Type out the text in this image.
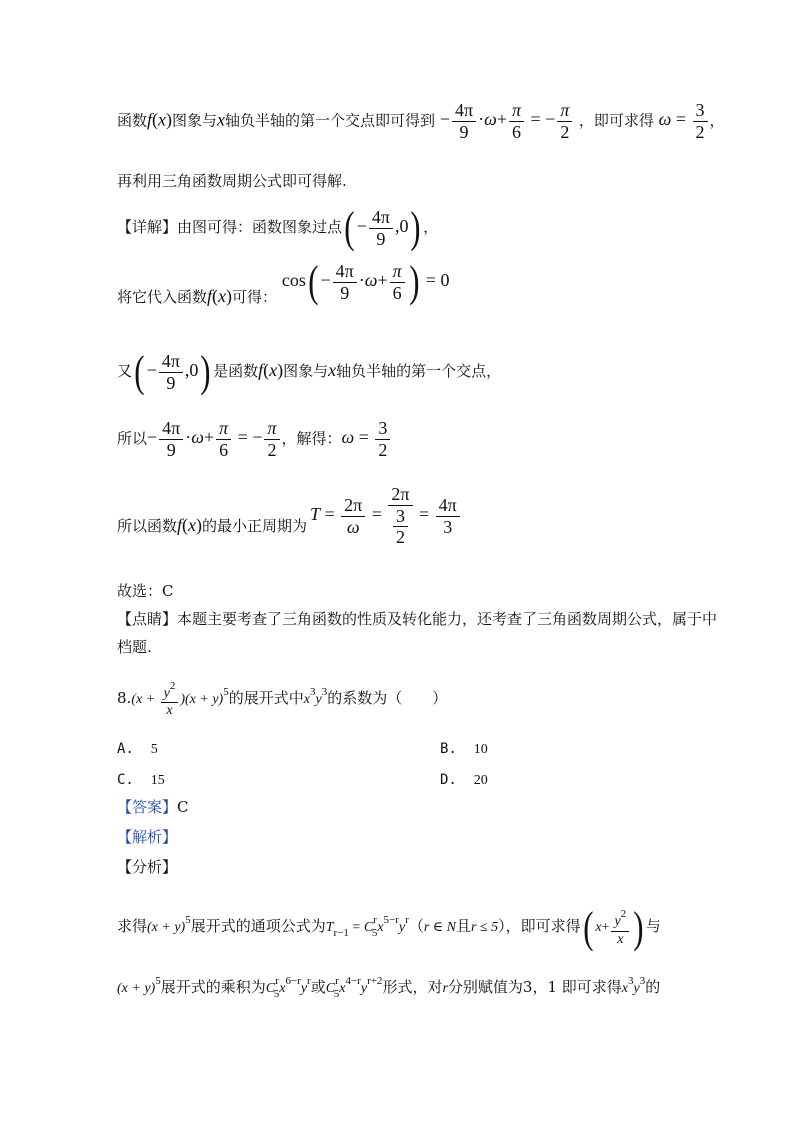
函数f(x)图象与x轴负半轴的第一个交点即可得到 − $\frac{4\pi}{9} \cdot\omega+ \frac{\pi}{6}$ = − $\frac{\pi}{2}$ ，即可求得 $\omega = \frac{3}{2}$ ，
再利用三角函数周期公式即可得解.
【详解】由图可得：函数图象过点( − $\frac{4\pi}{9} ,0$) ，
将它代入函数f(x)可得： $\cos( - \frac{4\pi}{9} \cdot\omega+ \frac{\pi}{6}$ ) = 0
又( − $\frac{4\pi}{9} ,0$) 是函数f(x)图象与x轴负半轴的第一个交点，
所以− $\frac{4\pi}{9} \cdot\omega+ \frac{\pi}{6}$ = − $\frac{\pi}{2}$ ，解得：$\omega = \frac{3}{2}$
所以函数f(x)的最小正周期为
$T = \frac{2\pi}{\omega} = \frac{2\pi}{\frac{3}{2}} = \frac{4\pi}{3}$
故选：C
【点睛】本题主要考查了三角函数的性质及转化能力，还考查了三角函数周期公式，属于中
档题.
$8.(x + \frac{y^2}{x} )(x + y)^5$的展开式中$x^3y^3$的系数为（　　）
A. 5	B. 10
C. 15	D. 20
【答案】C
【解析】
【分析】
求得$(x + y)^5$展开式的通项公式为$T_{r-1} = C^r_5x^{5-r}y^r(r$ ∈ N且r ≤ 5），即可求得( $x+ \frac{y^2}{x}$ ) 与
$(x + y)^5$展开式的乘积为$C^r_5x^{6-r}y^r$或$C^r_5x^{4-r}y^{r+2}$形式，对r分别赋值为3，1 即可求得$x^3y^3$的
